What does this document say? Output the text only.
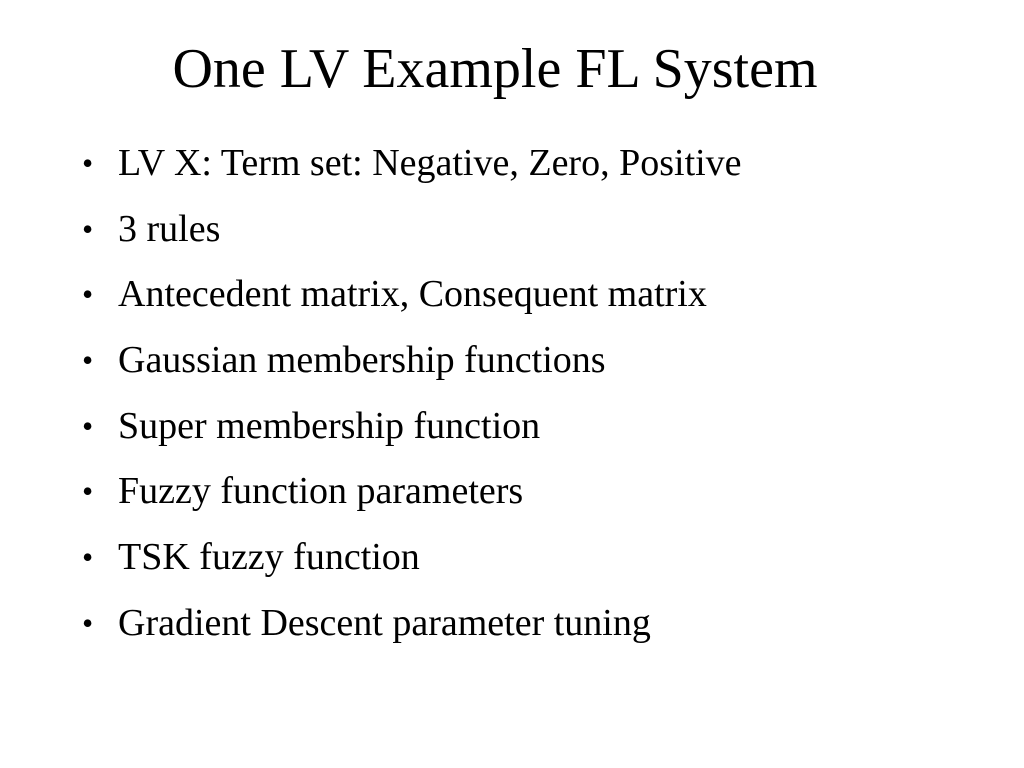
One LV Example FL System
• LV X: Term set: Negative, Zero, Positive
• 3 rules
• Antecedent matrix, Consequent matrix
• Gaussian membership functions
• Super membership function
• Fuzzy function parameters
• TSK fuzzy function
• Gradient Descent parameter tuning
